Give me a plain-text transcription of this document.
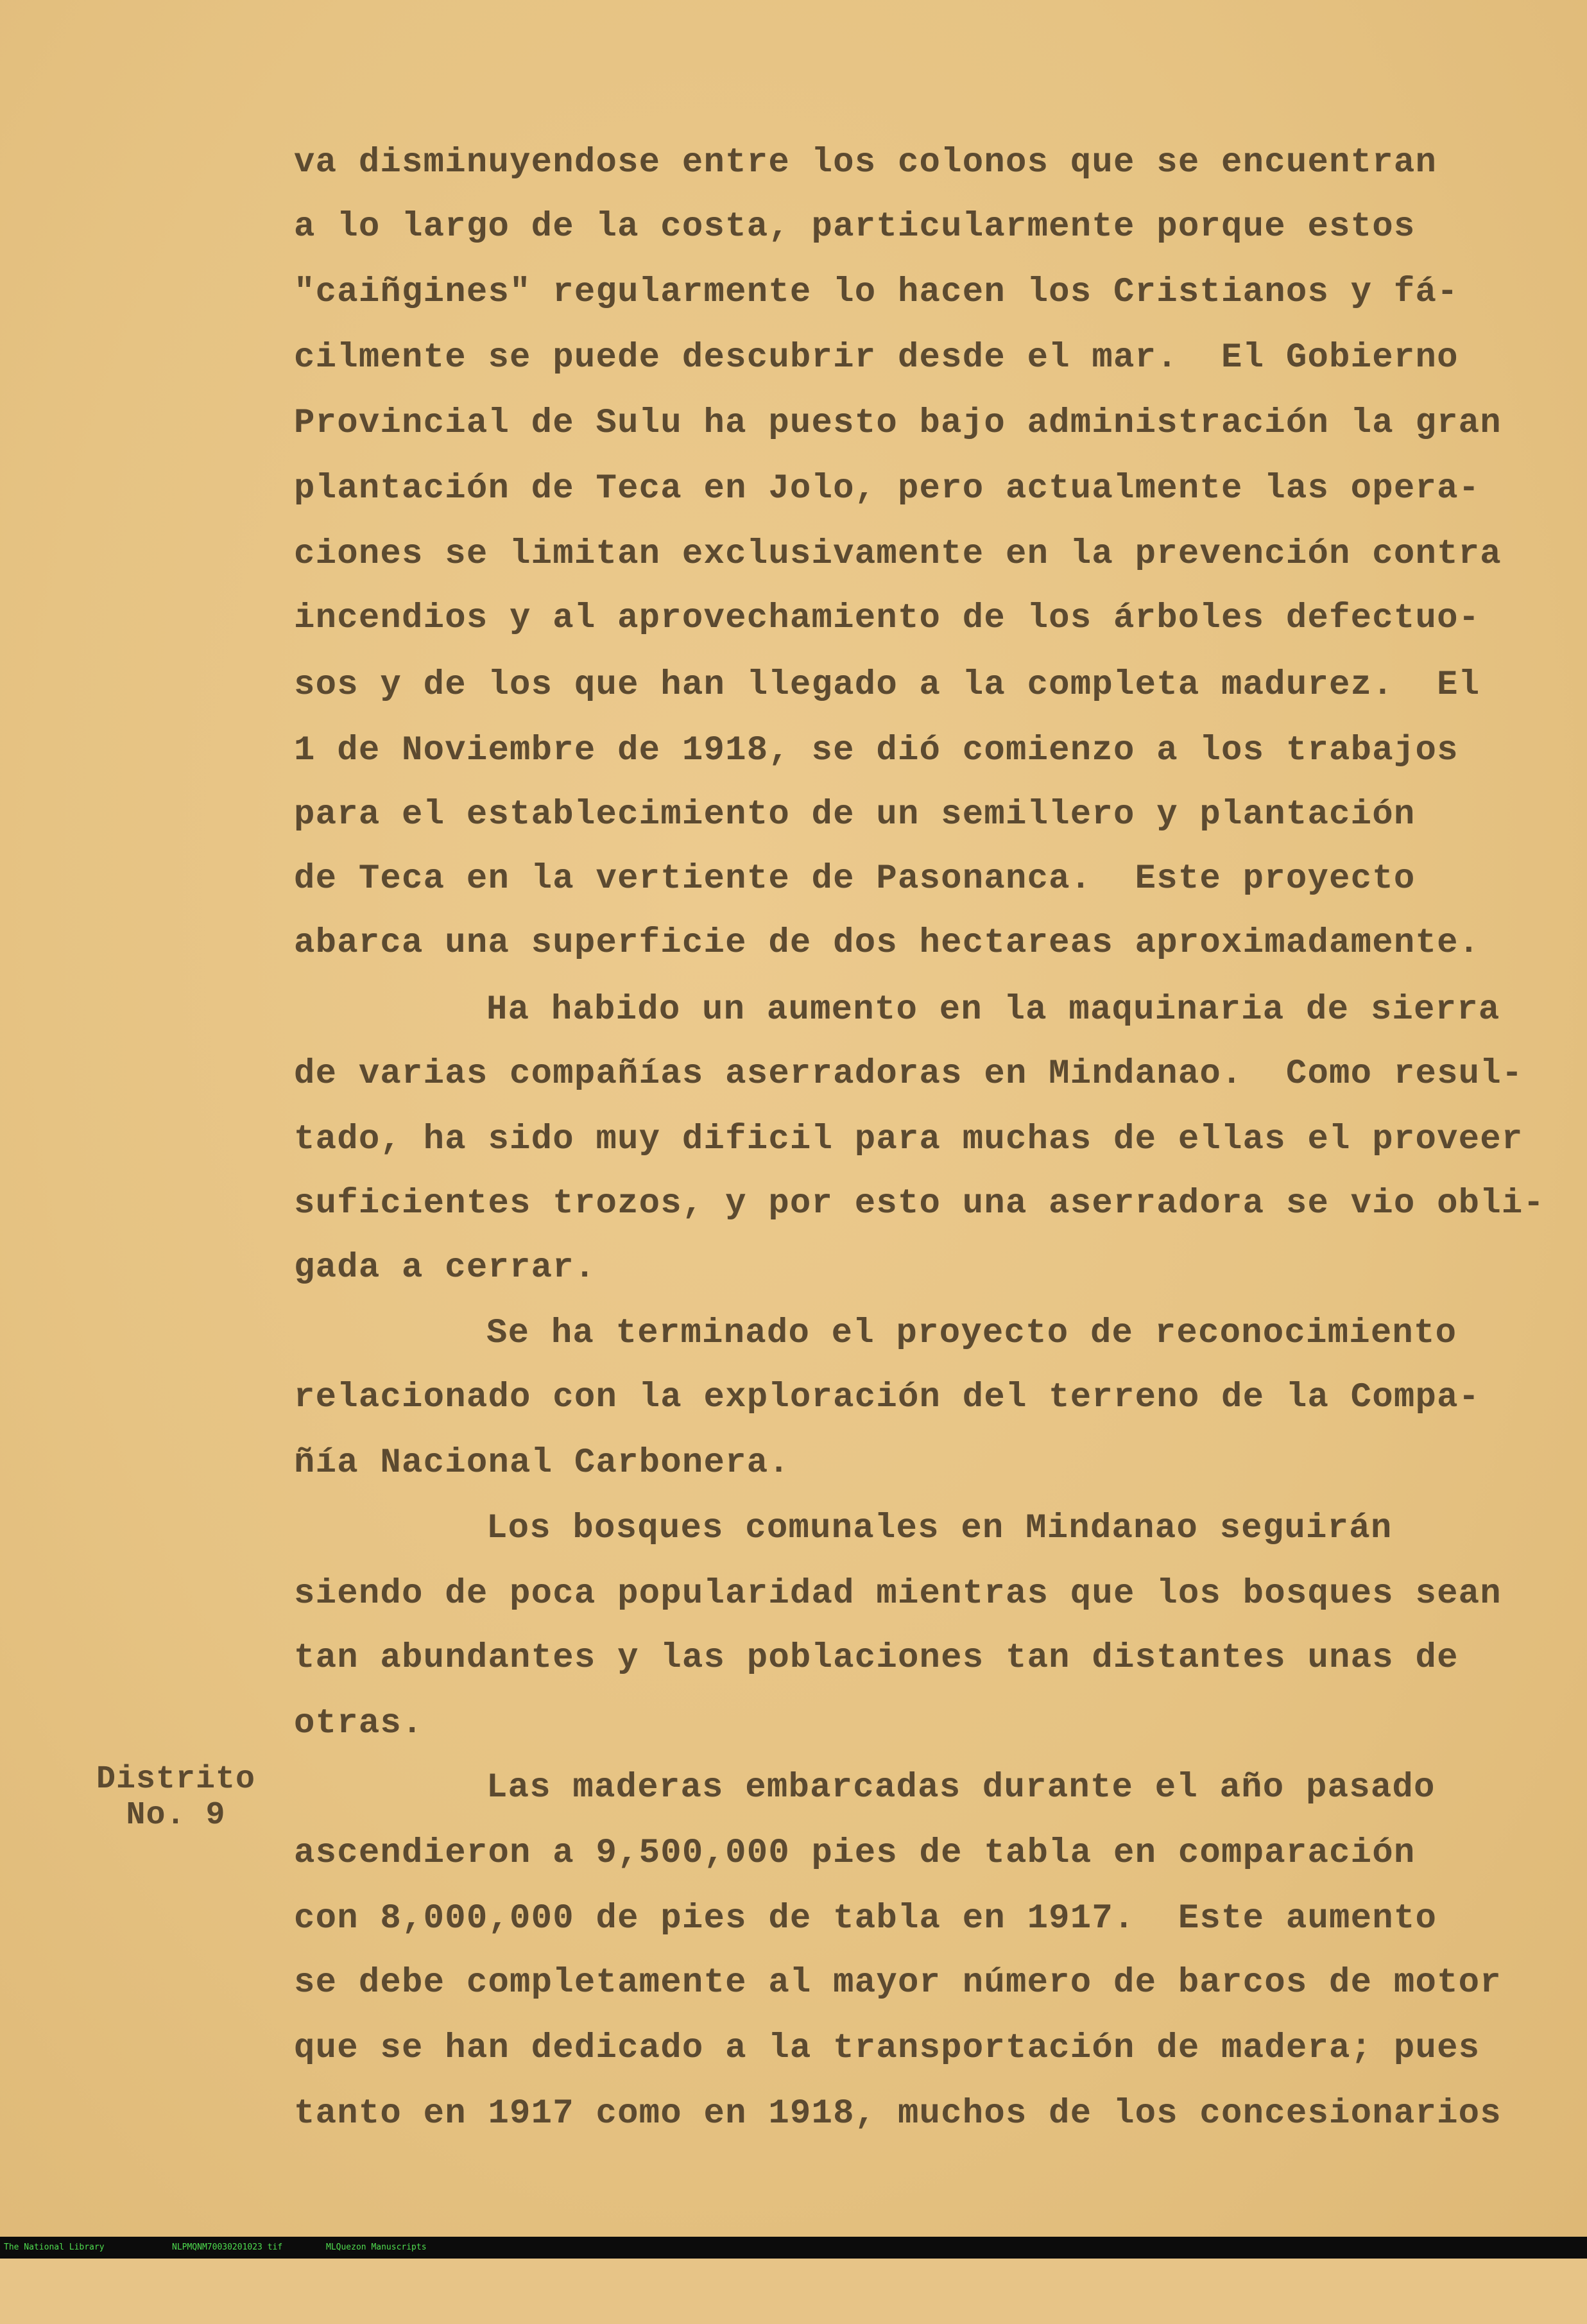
va disminuyendose entre los colonos que se encuentran
a lo largo de la costa, particularmente porque estos
"caiñgines" regularmente lo hacen los Cristianos y fá-
cilmente se puede descubrir desde el mar.  El Gobierno
Provincial de Sulu ha puesto bajo administración la gran
plantación de Teca en Jolo, pero actualmente las opera-
ciones se limitan exclusivamente en la prevención contra
incendios y al aprovechamiento de los árboles defectuo-
sos y de los que han llegado a la completa madurez.  El
1 de Noviembre de 1918, se dió comienzo a los trabajos
para el establecimiento de un semillero y plantación
de Teca en la vertiente de Pasonanca.  Este proyecto
abarca una superficie de dos hectareas aproximadamente.
Ha habido un aumento en la maquinaria de sierra
de varias compañías aserradoras en Mindanao.  Como resul-
tado, ha sido muy dificil para muchas de ellas el proveer
suficientes trozos, y por esto una aserradora se vio obli-
gada a cerrar.
Se ha terminado el proyecto de reconocimiento
relacionado con la exploración del terreno de la Compa-
ñía Nacional Carbonera.
Los bosques comunales en Mindanao seguirán
siendo de poca popularidad mientras que los bosques sean
tan abundantes y las poblaciones tan distantes unas de
otras.
Las maderas embarcadas durante el año pasado
ascendieron a 9,500,000 pies de tabla en comparación
con 8,000,000 de pies de tabla en 1917.  Este aumento
se debe completamente al mayor número de barcos de motor
que se han dedicado a la transportación de madera; pues
tanto en 1917 como en 1918, muchos de los concesionarios
Distrito
No. 9

The National Library

	NLPMQNM70030201023 tif

	MLQuezon Manuscripts
